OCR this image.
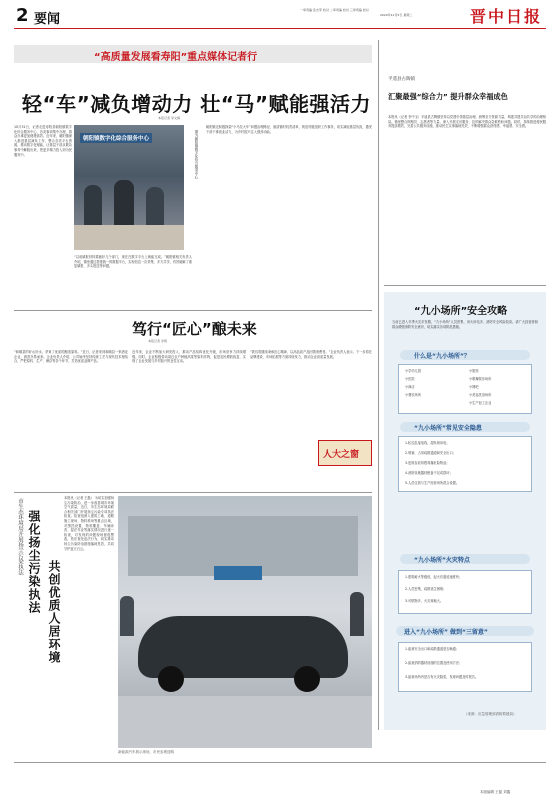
2 要闻
一审责编 张志军 校对 二审责编 校对 三审责编 校对
2024年11月5日 星期二	晋中日报
“高质量发展看寿阳”重点媒体记者行
轻“车”减负增动力 壮“马”赋能强活力
本报记者 李文婧

10月31日，记者走进寿阳县朝阳镇数字化综合服务中心，各类事项集中办理，群众办事更加便捷高效。近年来，朝阳镇深入推进基层减负工作，整合各类平台资源，推动数字化赋能，让基层干部从繁杂事务中解脱出来，把更多精力投入到为民服务中。

朝阳镇数字化综合服务中心	图为朝阳镇数字化综合服务中心

“以前填报材料要跑好几个部门，现在在数字平台上就能完成。”朝阳镇相关负责人介绍，镇里通过搭建统一的数据平台，实现信息一次采集、多方共享，有效破解了重复填报、多头报送等问题。

朝阳镇还积极探索“小马拉大车”问题治理路径，厘清镇村权责清单，规范村级组织工作事务，切实减轻基层负担，激发干部干事创业活力，为乡村振兴注入强劲动能。

平遥县古陶镇
汇聚最强“综合力” 提升群众幸福成色
本报讯（记者 李中玉）平遥县古陶镇坚持以党建引领基层治理，统筹各方资源力量，构建共建共治共享的治理格局。镇里整合网格员、志愿者等力量，深入开展走访服务，及时解决群众急难愁盼问题。同时，持续推进便民服务提质增效，完善公共服务设施，推动民生实事落地见效，不断增强群众获得感、幸福感、安全感。
笃行“匠心”酿未来
本报记者 李瑛
“和顺县的好山好水，孕育了优质的酿造原料。”近日，记者来到和顺县一家酒业企业，酒香扑鼻而来。企业负责人介绍，公司始终坚持传统工艺与现代技术相结合，严把原料、生产、储存等各个环节，打造优质品牌产品。
近年来，企业不断加大研发投入，推动产品结构优化升级，市场竞争力持续增强。同时，企业积极带动周边农户种植高粱等原料作物，促进农民增收致富，实现了企业发展与乡村振兴的良性互动。
“我们将继续秉承匠心精神，以高品质产品回馈消费者。”企业负责人表示，下一步将在品牌建设、市场拓展等方面持续发力，推动企业高质量发展。
人大之窗
市生态环境局开展扬尘污染执法 强化扬尘污染执法 共创优质人居环境
本报讯（记者 王磊） 为切实加强扬尘污染防治，进一步改善城市环境空气质量，近日，市生态环境局联合相关部门开展扬尘污染专项执法检查。检查组深入建筑工地、道路施工现场、物料堆场等重点区域，对围挡设置、物料覆盖、车辆冲洗、湿法作业等落实情况进行逐一检查，对发现的问题现场督促整改，依法查处违法行为，切实推动扬尘污染防治措施落地见效，共同守护蓝天白云。
新能源汽车展示现场，市民参观选购
“九小场所”安全攻略
当前已进入冬季火灾多发期，“九小场所”人员密集、用火用电多，消防安全风险较高。请广大经营者和群众增强消防安全意识，切实落实各项防范措施。
什么是“九小场所”？
小学幼儿园
小医院
小商店
小餐饮场所
小旅馆
小歌舞娱乐场所
小网吧
小美容洗浴场所
小生产加工企业
“九小场所”常见安全隐患
1.私拉乱接电线，超负荷用电；
2.堵塞、占用疏散通道和安全出口；
3.违规存放易燃易爆危险物品；
4.消防设施器材配备不足或损坏；
5.人员住宿与生产经营场所混合设置。
“九小场所”火灾特点
1.建筑耐火等级低，起火后蔓延速度快；
2.人员密集，疏散逃生困难；
3.可燃物多，火灾荷载大。
进入“九小场所” 做到“三留意”
1.留意安全出口和疏散通道是否畅通；
2.留意消防器材设施的位置及使用方法；
3.留意场所内是否有火灾隐患，发现问题及时报告。
（来源：应急管理部消防救援局）
本版编辑 王磊 刘鑫
